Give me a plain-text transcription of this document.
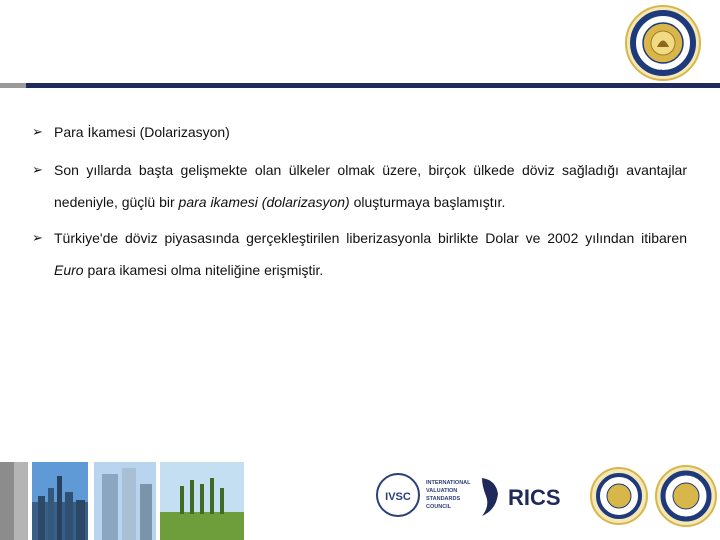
1946
➢ Para İkamesi (Dolarizasyon)

➢ Son yıllarda başta gelişmekte olan ülkeler olmak üzere, birçok ülkede döviz sağladığı avantajlar nedeniyle, güçlü bir para ikamesi (dolarizasyon) oluşturmaya başlamıştır.

➢ Türkiye'de döviz piyasasında gerçekleştirilen liberizasyonla birlikte Dolar ve 2002 yılından itibaren Euro para ikamesi olma niteliğine erişmiştir.

IVSC
INTERNATIONAL
VALUATION
STANDARDS
COUNCIL	RICS
